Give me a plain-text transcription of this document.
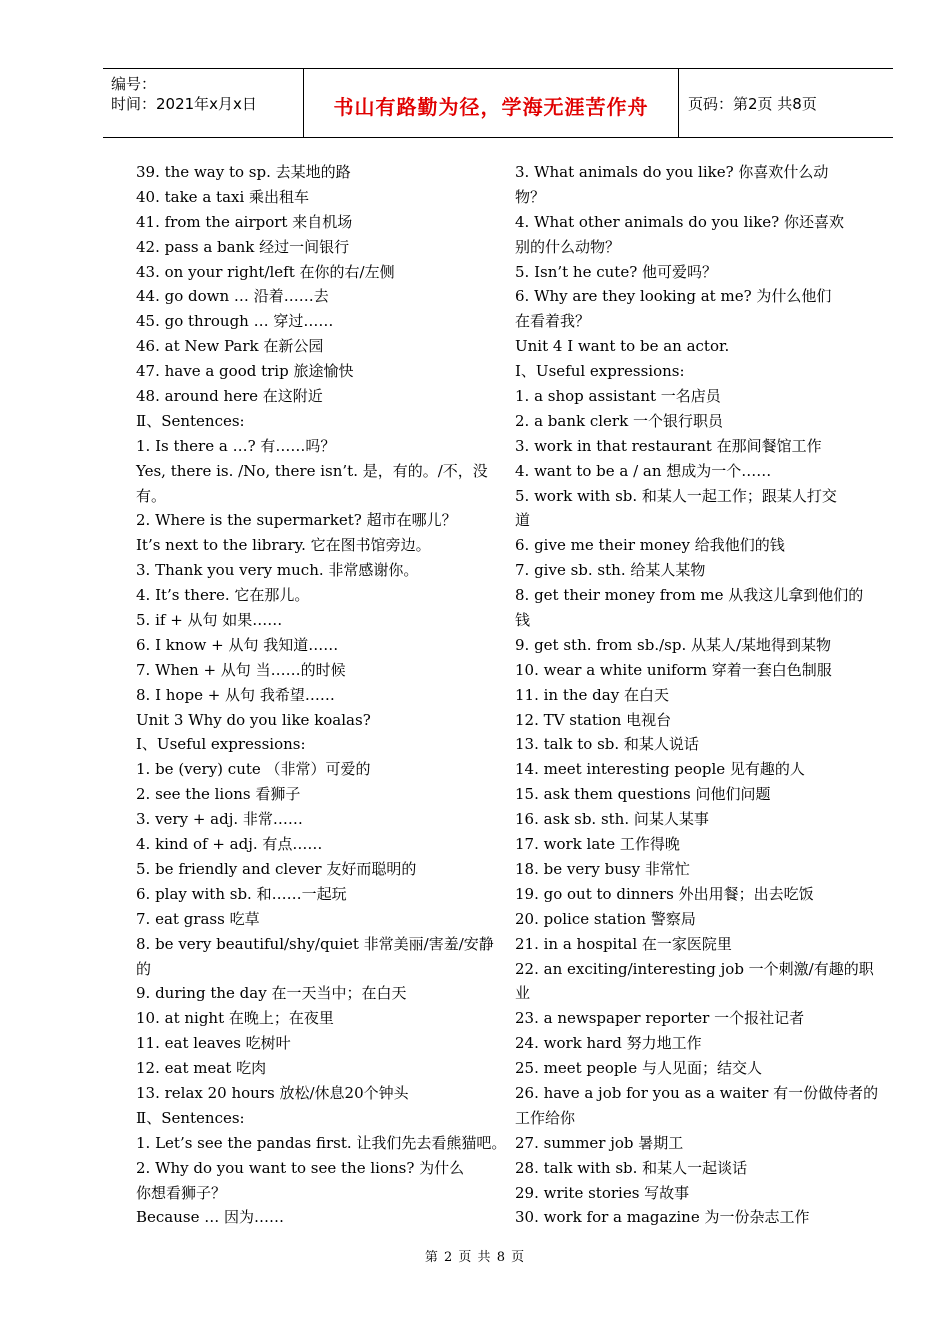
编号：
时间：2021年x月x日	书山有路勤为径，学海无涯苦作舟	页码：第2页 共8页
39. the way to sp. 去某地的路
40. take a taxi 乘出租车
41. from the airport 来自机场
42. pass a bank 经过一间银行
43. on your right/left 在你的右/左侧
44. go down … 沿着……去
45. go through … 穿过……
46. at New Park 在新公园
47. have a good trip 旅途愉快
48. around here 在这附近
Ⅱ、Sentences:
1. Is there a …? 有……吗？
Yes, there is. /No, there isn’t. 是，有的。/不，没
有。
2. Where is the supermarket? 超市在哪儿？
It’s next to the library. 它在图书馆旁边。
3. Thank you very much. 非常感谢你。
4. It’s there. 它在那儿。
5. if + 从句 如果……
6. I know + 从句 我知道……
7. When + 从句 当……的时候
8. I hope + 从句 我希望……
Unit 3 Why do you like koalas?
Ⅰ、Useful expressions:
1. be (very) cute （非常）可爱的
2. see the lions 看狮子
3. very + adj. 非常……
4. kind of + adj. 有点……
5. be friendly and clever 友好而聪明的
6. play with sb. 和……一起玩
7. eat grass 吃草
8. be very beautiful/shy/quiet 非常美丽/害羞/安静
的
9. during the day 在一天当中；在白天
10. at night 在晚上；在夜里
11. eat leaves 吃树叶
12. eat meat 吃肉
13. relax 20 hours 放松/休息20个钟头
Ⅱ、Sentences:
1. Let’s see the pandas first. 让我们先去看熊猫吧。
2. Why do you want to see the lions? 为什么
你想看狮子？
Because … 因为……
3. What animals do you like? 你喜欢什么动
物？
4. What other animals do you like? 你还喜欢
别的什么动物？
5. Isn’t he cute? 他可爱吗？
6. Why are they looking at me? 为什么他们
在看着我？
Unit 4 I want to be an actor.
Ⅰ、Useful expressions:
1. a shop assistant 一名店员
2. a bank clerk 一个银行职员
3. work in that restaurant 在那间餐馆工作
4. want to be a / an 想成为一个……
5. work with sb. 和某人一起工作；跟某人打交
道
6. give me their money 给我他们的钱
7. give sb. sth. 给某人某物
8. get their money from me 从我这儿拿到他们的
钱
9. get sth. from sb./sp. 从某人/某地得到某物
10. wear a white uniform 穿着一套白色制服
11. in the day 在白天
12. TV station 电视台
13. talk to sb. 和某人说话
14. meet interesting people 见有趣的人
15. ask them questions 问他们问题
16. ask sb. sth. 问某人某事
17. work late 工作得晚
18. be very busy 非常忙
19. go out to dinners 外出用餐；出去吃饭
20. police station 警察局
21. in a hospital 在一家医院里
22. an exciting/interesting job 一个刺激/有趣的职
业
23. a newspaper reporter 一个报社记者
24. work hard 努力地工作
25. meet people 与人见面；结交人
26. have a job for you as a waiter 有一份做侍者的
工作给你
27. summer job 暑期工
28. talk with sb. 和某人一起谈话
29. write stories 写故事
30. work for a magazine 为一份杂志工作
第 2 页 共 8 页
